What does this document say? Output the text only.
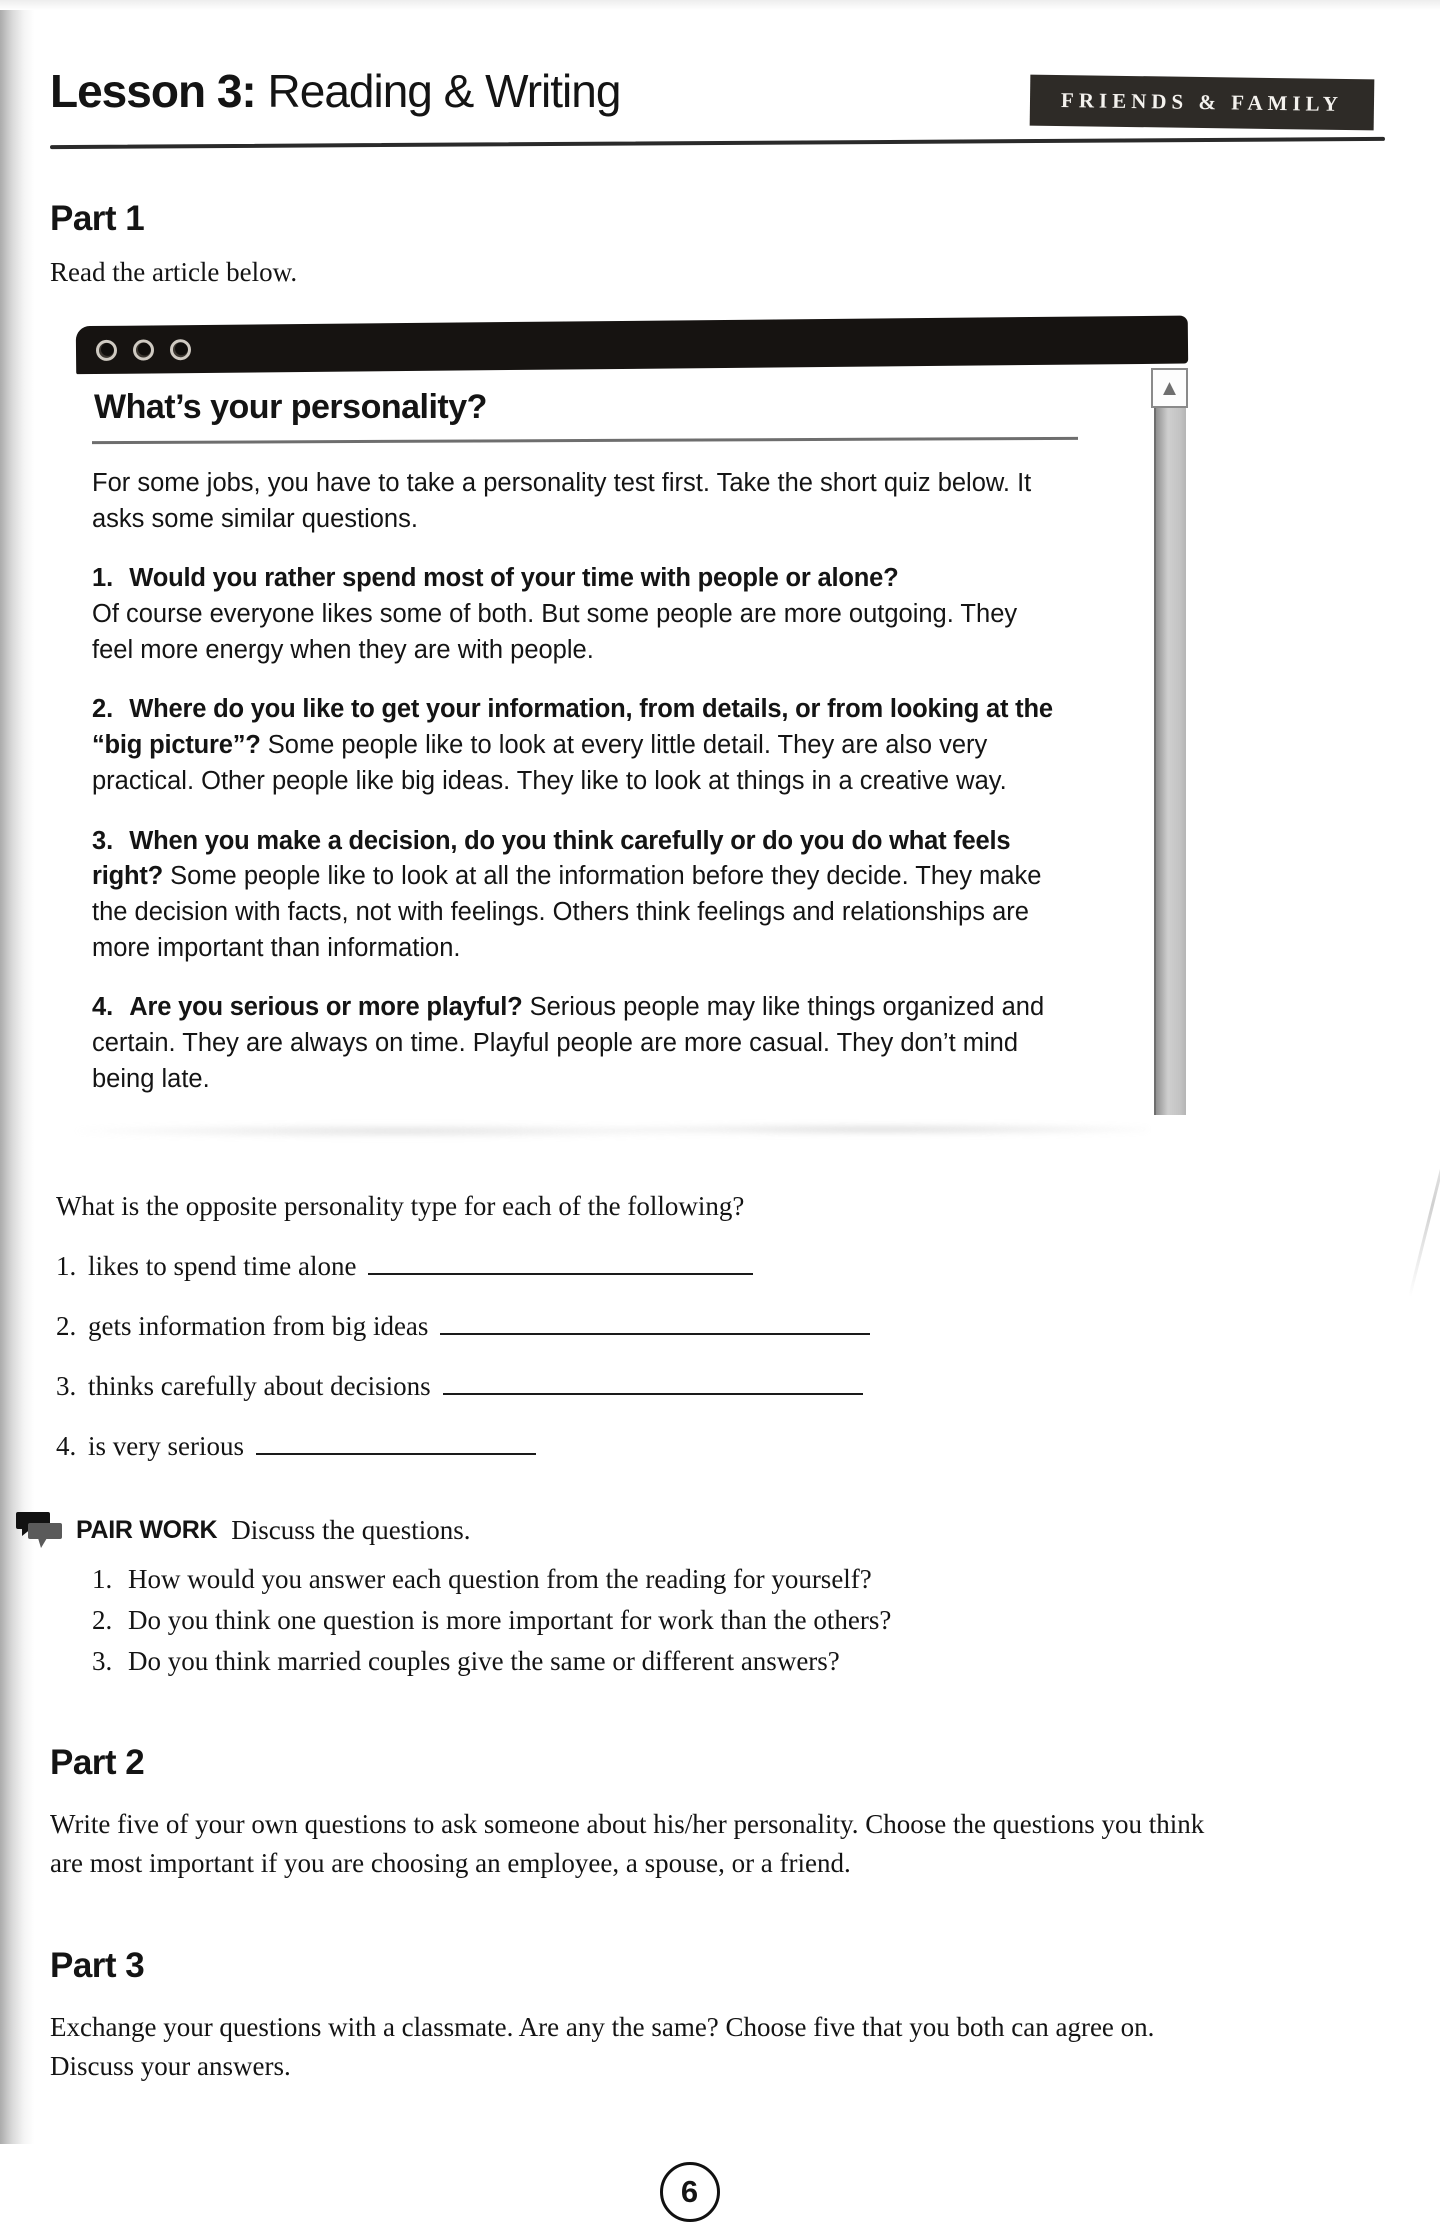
Lesson 3: Reading & Writing	FRIENDS & FAMILY
Part 1

Read the article below.

What’s your personality?

For some jobs, you have to take a personality test first. Take the short quiz below. It asks some similar questions.

1. Would you rather spend most of your time with people or alone?
Of course everyone likes some of both. But some people are more outgoing. They feel more energy when they are with people.

2. Where do you like to get your information, from details, or from looking at the “big picture”? Some people like to look at every little detail. They are also very practical. Other people like big ideas. They like to look at things in a creative way.

3. When you make a decision, do you think carefully or do you do what feels right? Some people like to look at all the information before they decide. They make the decision with facts, not with feelings. Others think feelings and relationships are more important than information.

4. Are you serious or more playful? Serious people may like things organized and certain. They are always on time. Playful people are more casual. They don’t mind being late.

▲

What is the opposite personality type for each of the following?

1. likes to spend time alone
2. gets information from big ideas
3. thinks carefully about decisions
4. is very serious
PAIR WORK Discuss the questions.
1. How would you answer each question from the reading for yourself?
2. Do you think one question is more important for work than the others?
3. Do you think married couples give the same or different answers?
Part 2

Write five of your own questions to ask someone about his/her personality. Choose the questions you think are most important if you are choosing an employee, a spouse, or a friend.

Part 3

Exchange your questions with a classmate. Are any the same? Choose five that you both can agree on. Discuss your answers.

6
